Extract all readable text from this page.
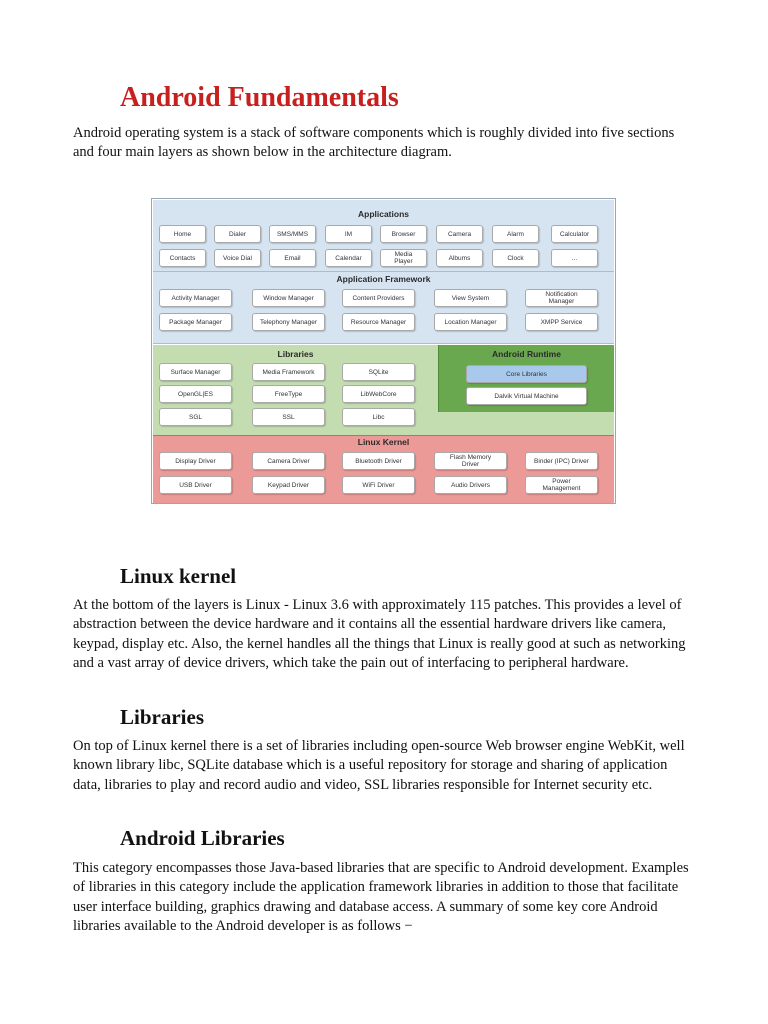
Android Fundamentals

Android operating system is a stack of software components which is roughly divided into five sections and four main layers as shown below in the architecture diagram.

Applications
Home	Dialer	SMS/MMS	IM	Browser	Camera	Alarm	Calculator
Contacts	Voice Dial	Email	Calendar	Media Player	Albums	Clock	...
Application Framework
Activity Manager	Window Manager	Content Providers	View System	Notification Manager
Package Manager	Telephony Manager	Resource Manager	Location Manager	XMPP Service
Libraries
Surface Manager	Media Framework	SQLite
OpenGL|ES	FreeType	LibWebCore
SGL	SSL	Libc
Android Runtime
Core Libraries
Dalvik Virtual Machine
Linux Kernel
Display Driver	Camera Driver	Bluetooth Driver	Flash Memory Driver	Binder (IPC) Driver
USB Driver	Keypad Driver	WiFi Driver	Audio Drivers	Power Management
Linux kernel

At the bottom of the layers is Linux - Linux 3.6 with approximately 115 patches. This provides a level of abstraction between the device hardware and it contains all the essential hardware drivers like camera, keypad, display etc. Also, the kernel handles all the things that Linux is really good at such as networking and a vast array of device drivers, which take the pain out of interfacing to peripheral hardware.

Libraries

On top of Linux kernel there is a set of libraries including open-source Web browser engine WebKit, well known library libc, SQLite database which is a useful repository for storage and sharing of application data, libraries to play and record audio and video, SSL libraries responsible for Internet security etc.

Android Libraries

This category encompasses those Java-based libraries that are specific to Android development. Examples of libraries in this category include the application framework libraries in addition to those that facilitate user interface building, graphics drawing and database access. A summary of some key core Android libraries available to the Android developer is as follows −
